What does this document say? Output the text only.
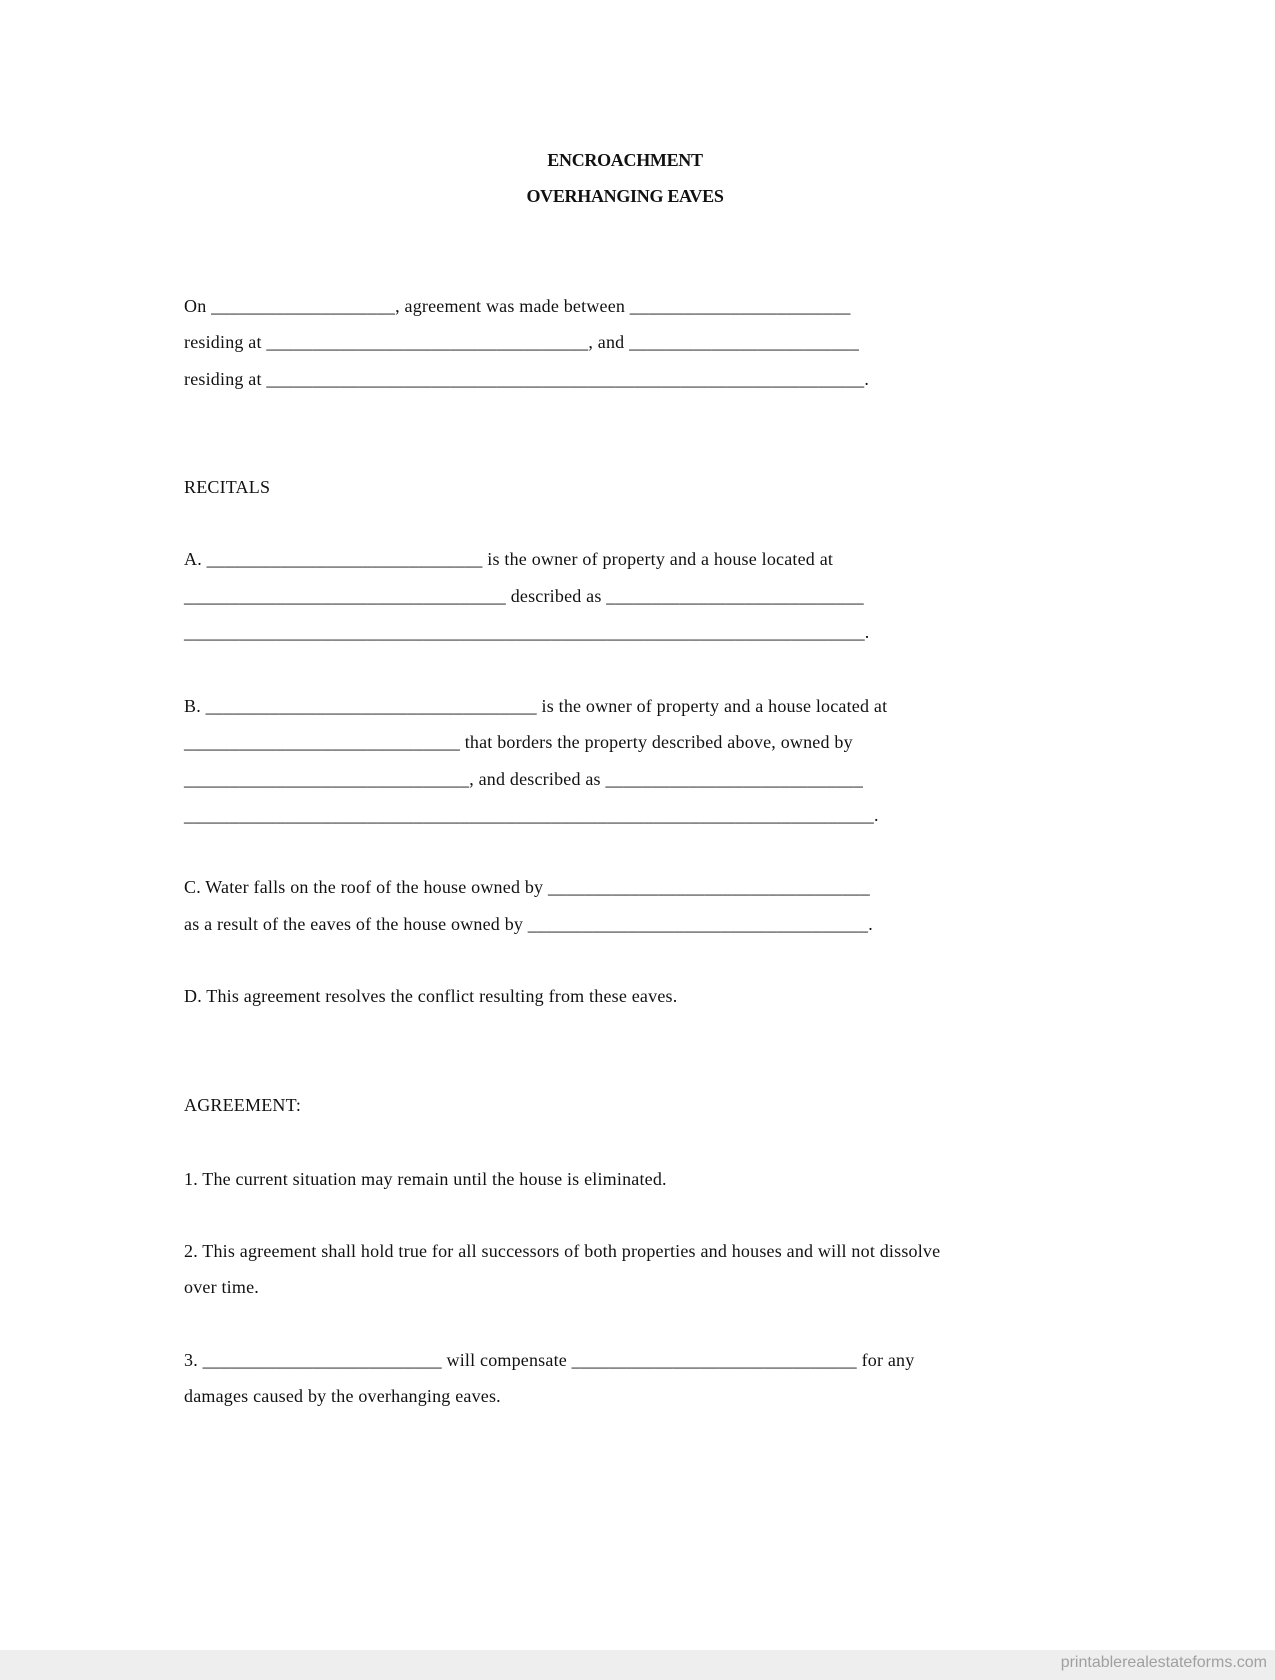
ENCROACHMENT
OVERHANGING EAVES
On ____________________, agreement was made between ________________________
residing at ___________________________________, and _________________________
residing at _________________________________________________________________.
RECITALS
A. ______________________________ is the owner of property and a house located at
___________________________________ described as ____________________________
__________________________________________________________________________.
B. ____________________________________ is the owner of property and a house located at
______________________________ that borders the property described above, owned by
_______________________________, and described as ____________________________
___________________________________________________________________________.
C. Water falls on the roof of the house owned by ___________________________________
as a result of the eaves of the house owned by _____________________________________.
D. This agreement resolves the conflict resulting from these eaves.
AGREEMENT:
1. The current situation may remain until the house is eliminated.
2. This agreement shall hold true for all successors of both properties and houses and will not dissolve
over time.
3. __________________________ will compensate _______________________________ for any
damages caused by the overhanging eaves.
printablerealestateforms.com
